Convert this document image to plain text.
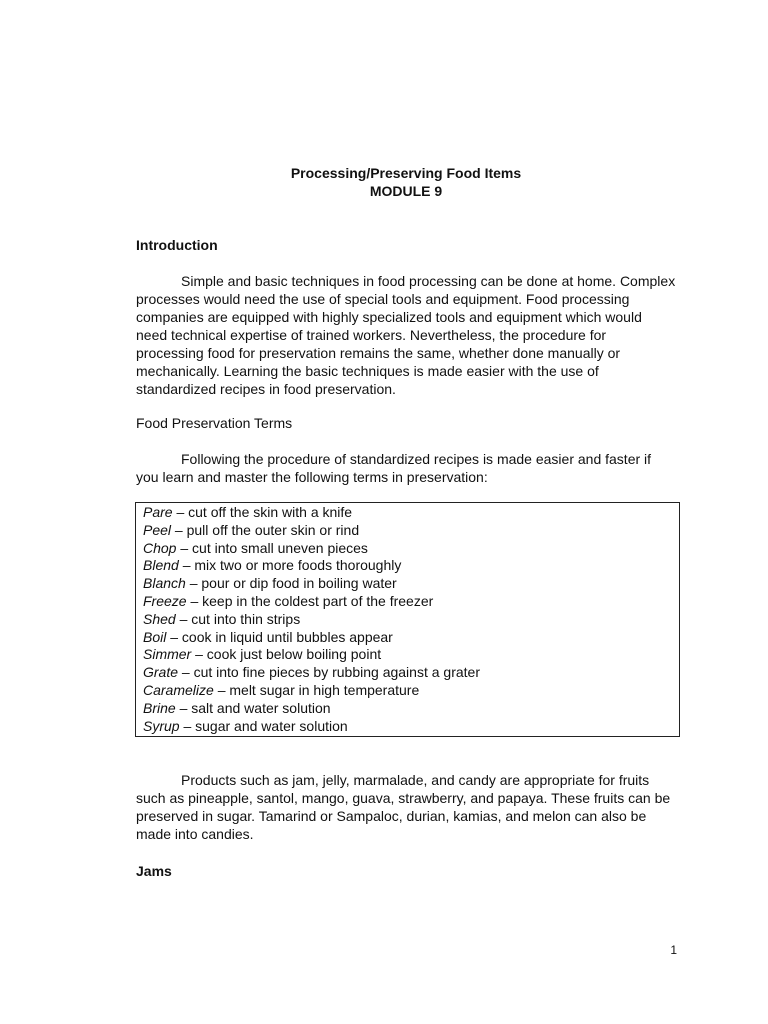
Processing/Preserving Food Items
MODULE 9

Introduction

Simple and basic techniques in food processing can be done at home. Complex processes would need the use of special tools and equipment. Food processing companies are equipped with highly specialized tools and equipment which would need technical expertise of trained workers. Nevertheless, the procedure for processing food for preservation remains the same, whether done manually or mechanically. Learning the basic techniques is made easier with the use of standardized recipes in food preservation.

Food Preservation Terms

Following the procedure of standardized recipes is made easier and faster if you learn and master the following terms in preservation:

Pare – cut off the skin with a knife
Peel – pull off the outer skin or rind
Chop – cut into small uneven pieces
Blend – mix two or more foods thoroughly
Blanch – pour or dip food in boiling water
Freeze – keep in the coldest part of the freezer
Shed – cut into thin strips
Boil – cook in liquid until bubbles appear
Simmer – cook just below boiling point
Grate – cut into fine pieces by rubbing against a grater
Caramelize – melt sugar in high temperature
Brine – salt and water solution
Syrup – sugar and water solution

Products such as jam, jelly, marmalade, and candy are appropriate for fruits such as pineapple, santol, mango, guava, strawberry, and papaya. These fruits can be preserved in sugar. Tamarind or Sampaloc, durian, kamias, and melon can also be made into candies.

Jams

1
